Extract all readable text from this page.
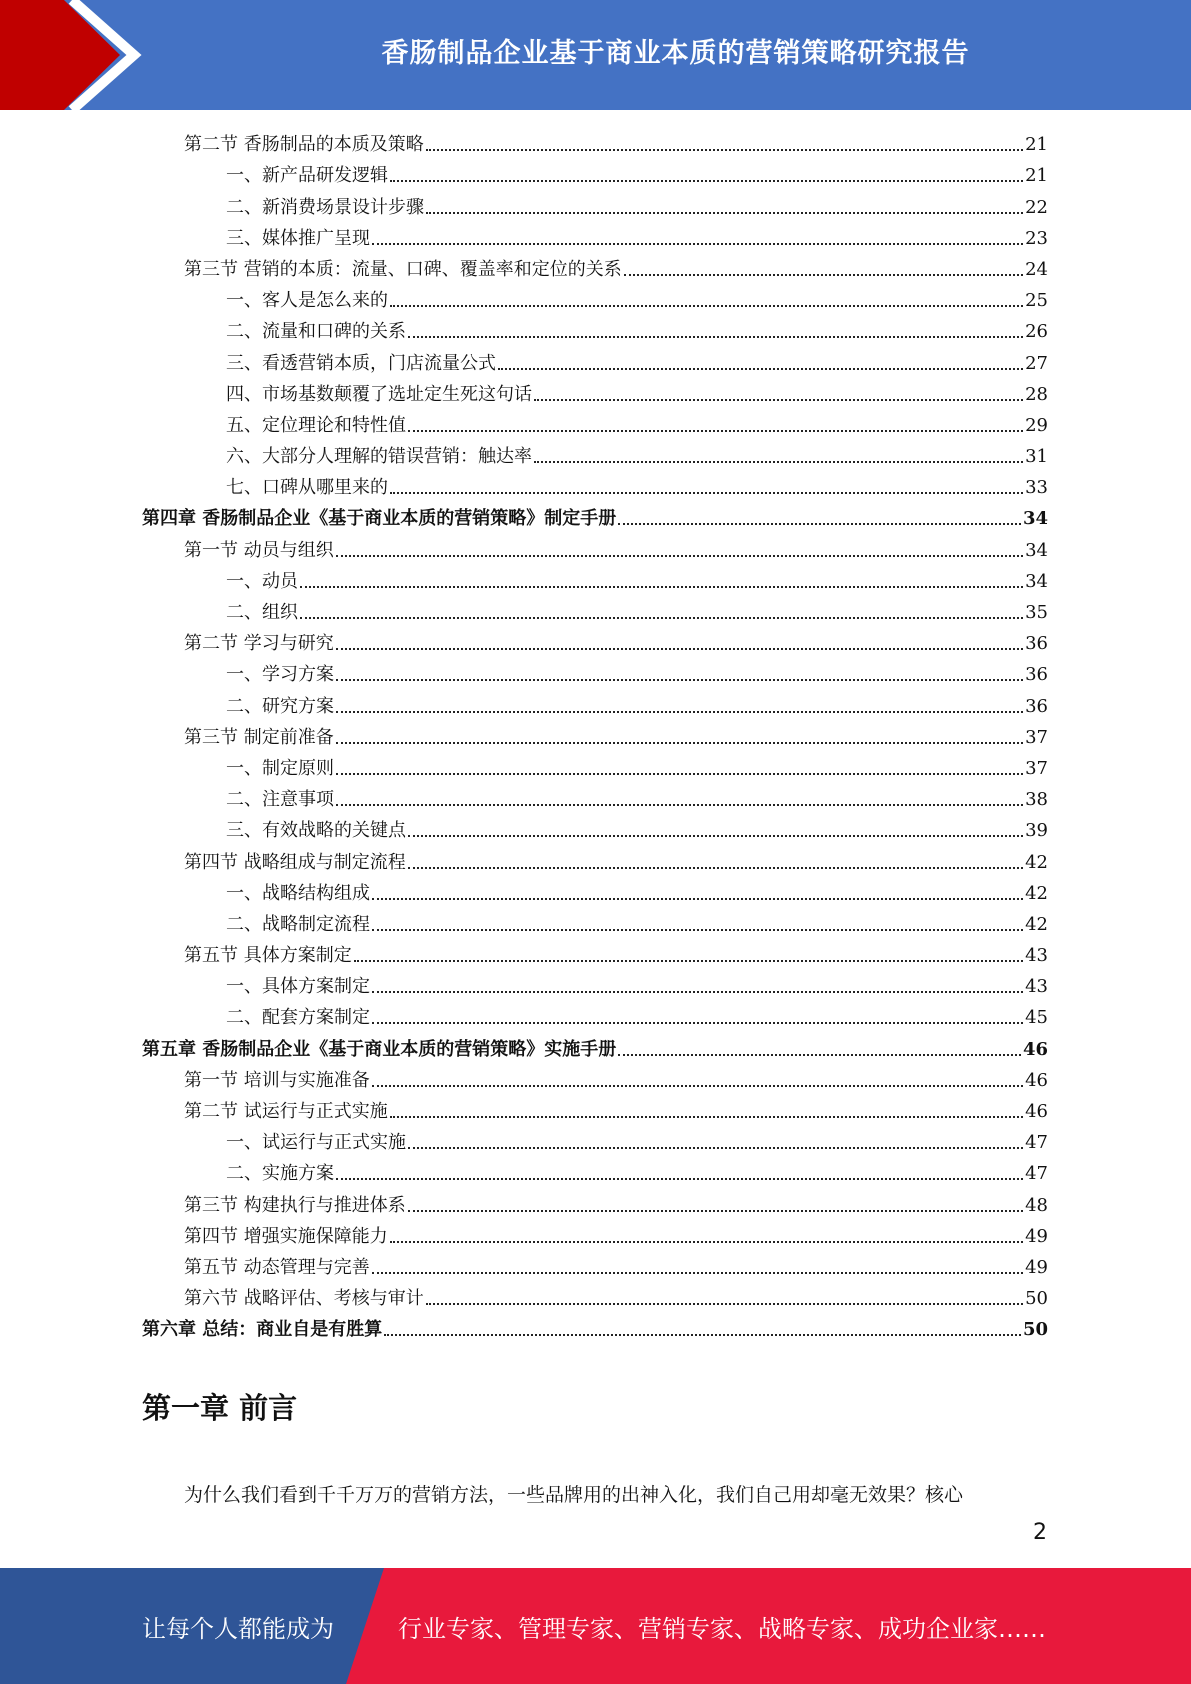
香肠制品企业基于商业本质的营销策略研究报告
第二节 香肠制品的本质及策略	21
一、新产品研发逻辑	21
二、新消费场景设计步骤	22
三、媒体推广呈现	23
第三节 营销的本质：流量、口碑、覆盖率和定位的关系	24
一、客人是怎么来的	25
二、流量和口碑的关系	26
三、看透营销本质，门店流量公式	27
四、市场基数颠覆了选址定生死这句话	28
五、定位理论和特性值	29
六、大部分人理解的错误营销：触达率	31
七、口碑从哪里来的	33
第四章 香肠制品企业《基于商业本质的营销策略》制定手册	34
第一节 动员与组织	34
一、动员	34
二、组织	35
第二节 学习与研究	36
一、学习方案	36
二、研究方案	36
第三节 制定前准备	37
一、制定原则	37
二、注意事项	38
三、有效战略的关键点	39
第四节 战略组成与制定流程	42
一、战略结构组成	42
二、战略制定流程	42
第五节 具体方案制定	43
一、具体方案制定	43
二、配套方案制定	45
第五章 香肠制品企业《基于商业本质的营销策略》实施手册	46
第一节 培训与实施准备	46
第二节 试运行与正式实施	46
一、试运行与正式实施	47
二、实施方案	47
第三节 构建执行与推进体系	48
第四节 增强实施保障能力	49
第五节 动态管理与完善	49
第六节 战略评估、考核与审计	50
第六章 总结：商业自是有胜算	50
第一章 前言
为什么我们看到千千万万的营销方法，一些品牌用的出神入化，我们自己用却毫无效果？核心
2
让每个人都能成为	行业专家、管理专家、营销专家、战略专家、成功企业家……
